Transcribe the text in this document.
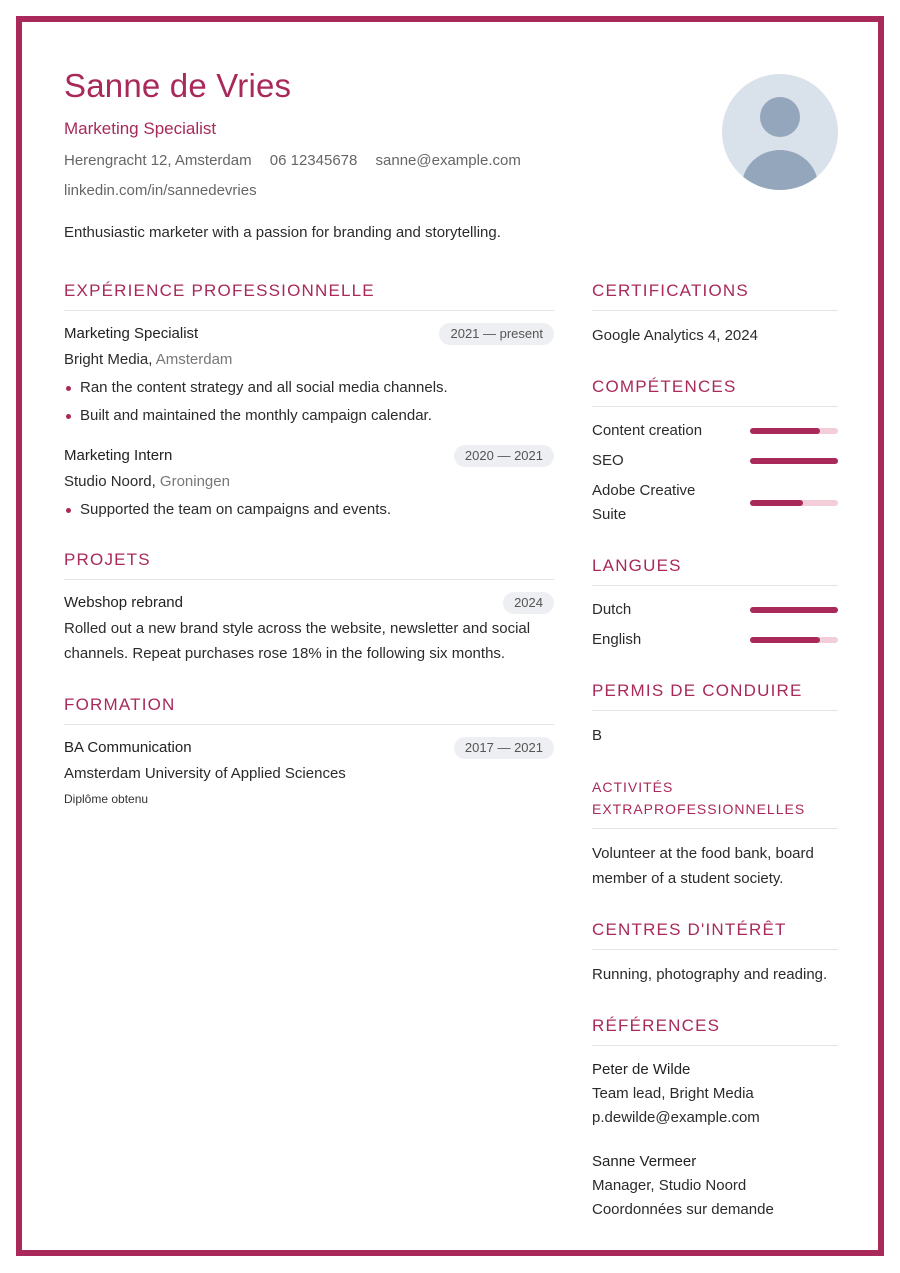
Sanne de Vries
Marketing Specialist
Herengracht 12, Amsterdam 06 12345678 sanne@example.com
linkedin.com/in/sannedevries
Enthusiastic marketer with a passion for branding and storytelling.
EXPÉRIENCE PROFESSIONNELLE
Marketing Specialist	2021 — present
Bright Media, Amsterdam
Ran the content strategy and all social media channels.
Built and maintained the monthly campaign calendar.
Marketing Intern	2020 — 2021
Studio Noord, Groningen
Supported the team on campaigns and events.
PROJETS
Webshop rebrand	2024
Rolled out a new brand style across the website, newsletter and social channels. Repeat purchases rose 18% in the following six months.
FORMATION
BA Communication	2017 — 2021
Amsterdam University of Applied Sciences
Diplôme obtenu
CERTIFICATIONS
Google Analytics 4, 2024
COMPÉTENCES
Content creation
SEO
Adobe Creative Suite
LANGUES
Dutch
English
PERMIS DE CONDUIRE
B
ACTIVITÉS EXTRAPROFESSIONNELLES
Volunteer at the food bank, board member of a student society.
CENTRES D'INTÉRÊT
Running, photography and reading.
RÉFÉRENCES
Peter de Wilde
Team lead, Bright Media
p.dewilde@example.com
Sanne Vermeer
Manager, Studio Noord
Coordonnées sur demande
